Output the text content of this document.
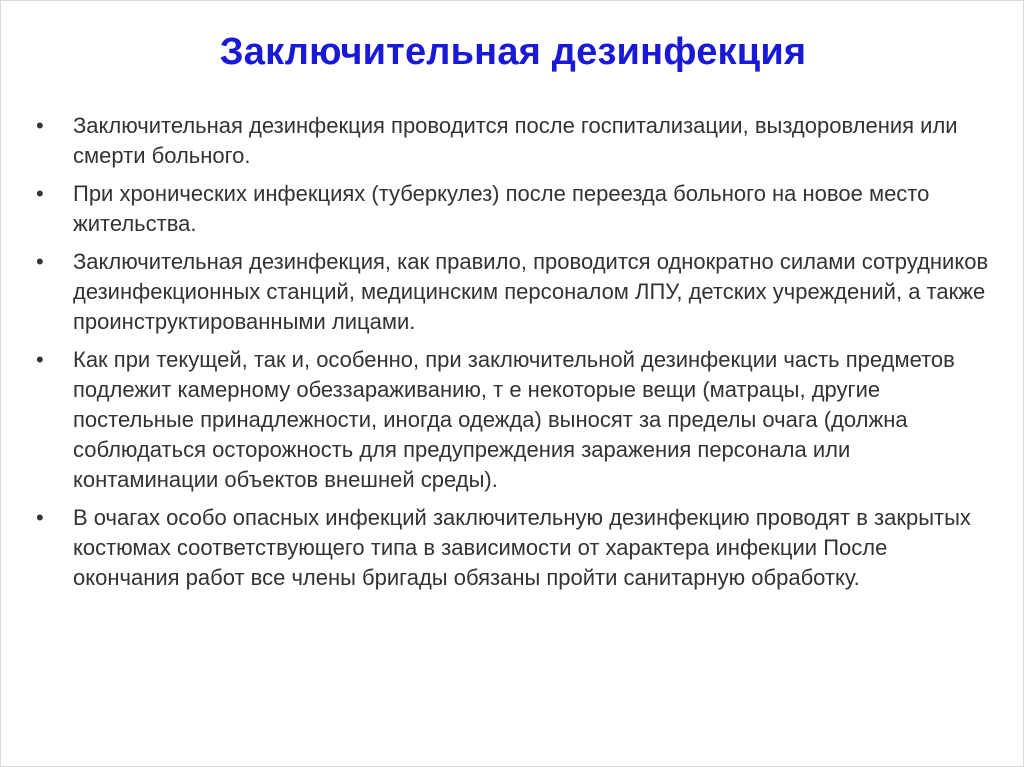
Заключительная дезинфекция
• Заключительная дезинфекция проводится после госпитализации, выздоровления или смерти больного.
• При хронических инфекциях (туберкулез) после переезда больного на новое место жительства.
• Заключительная дезинфекция, как правило, проводится однократно силами сотрудников дезинфекционных станций, медицинским персоналом ЛПУ, детских учреждений, а также проинструктированными лицами.
• Как при текущей, так и, особенно, при заключительной дезинфекции часть предметов подлежит камерному обеззараживанию, т е некоторые вещи (матрацы, другие постельные принадлежности, иногда одежда) выносят за пределы очага (должна соблюдаться осторожность для предупреждения заражения персонала или контаминации объектов внешней среды).
• В очагах особо опасных инфекций заключительную дезинфекцию проводят в закрытых костюмах соответствующего типа в зависимости от характера инфекции После окончания работ все члены бригады обязаны пройти санитарную обработку.
